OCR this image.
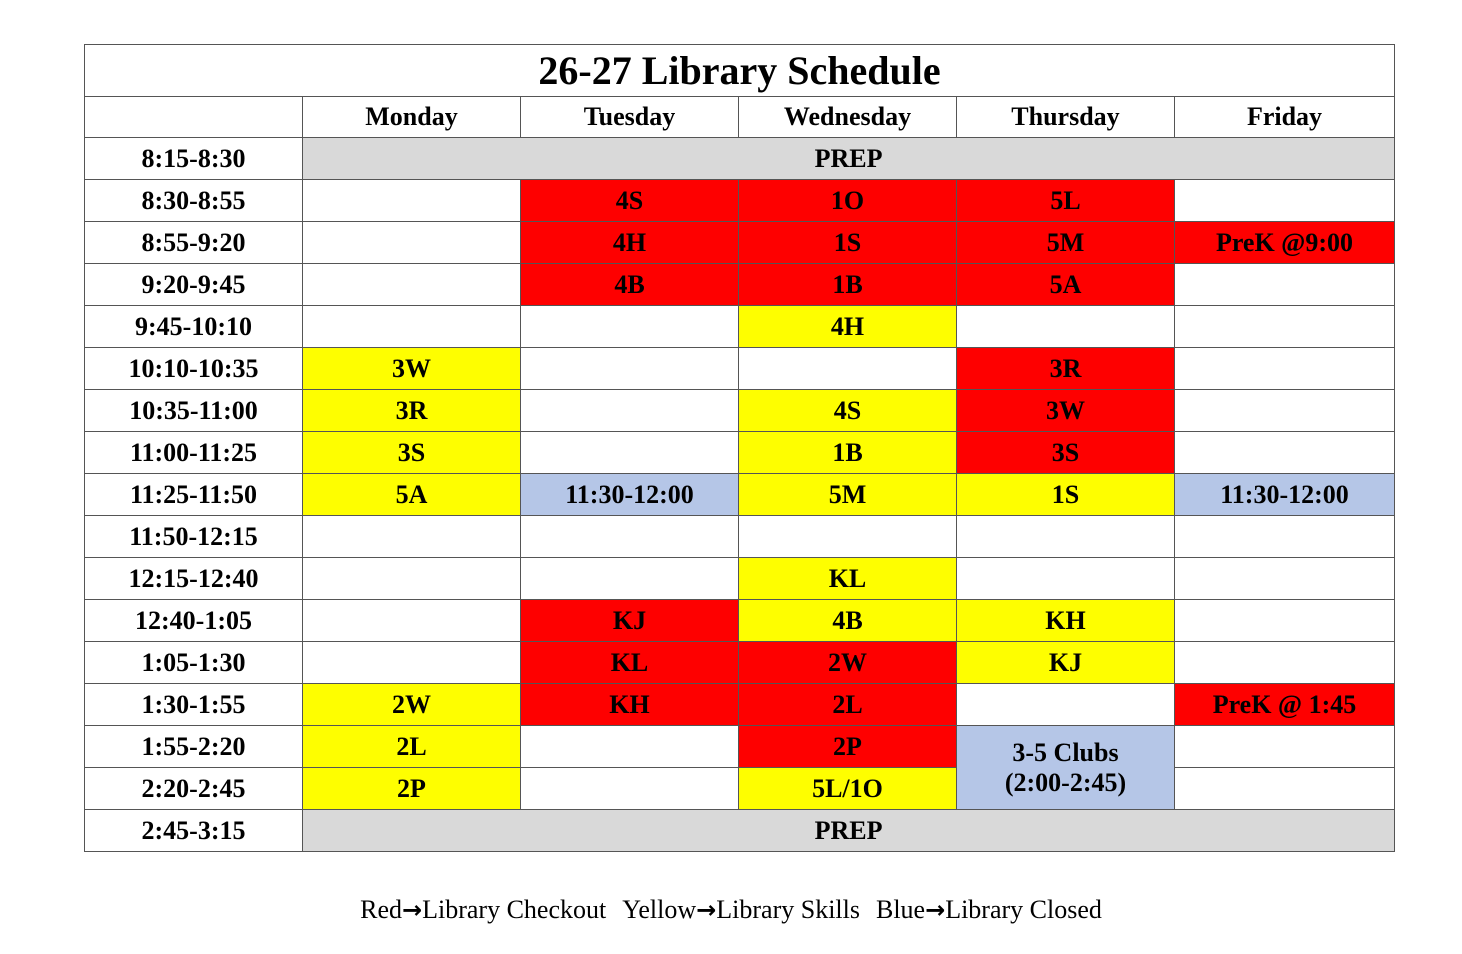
26-27 Library Schedule					
	Monday	Tuesday	Wednesday	Thursday	Friday
8:15-8:30	PREP				
8:30-8:55		4S	1O	5L	
8:55-9:20		4H	1S	5M	PreK @9:00
9:20-9:45		4B	1B	5A	
9:45-10:10			4H		
10:10-10:35	3W			3R	
10:35-11:00	3R		4S	3W	
11:00-11:25	3S		1B	3S	
11:25-11:50	5A	11:30-12:00	5M	1S	11:30-12:00
11:50-12:15					
12:15-12:40			KL		
12:40-1:05		KJ	4B	KH	
1:05-1:30		KL	2W	KJ	
1:30-1:55	2W	KH	2L		PreK @ 1:45
1:55-2:20	2L		2P	3-5 Clubs (2:00-2:45)	
2:20-2:45	2P		5L/1O		
2:45-3:15	PREP				
Red→Library Checkout Yellow→Library Skills Blue→Library Closed
